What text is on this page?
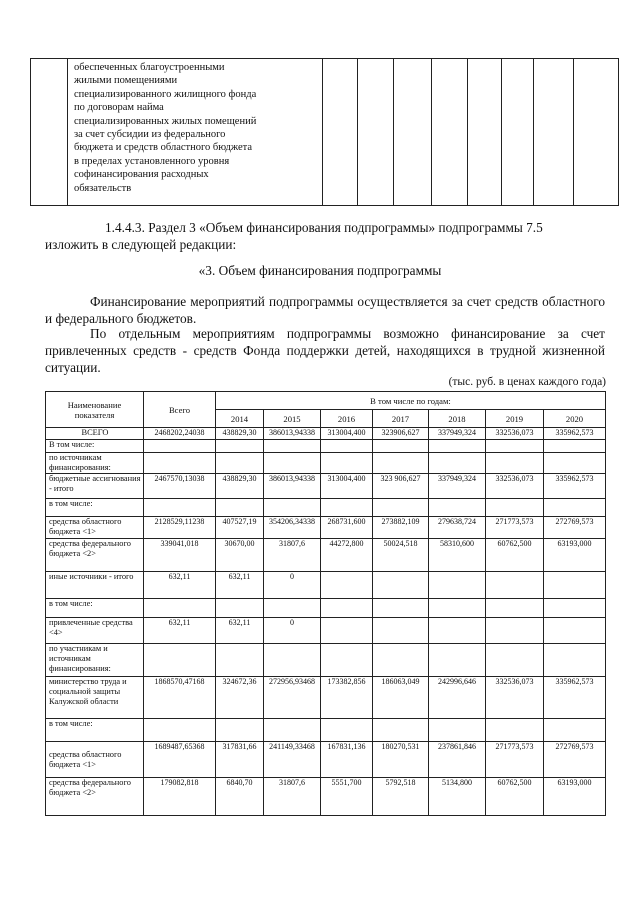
обеспеченных благоустроенными
жилыми помещениями
специализированного жилищного фонда
по договорам найма
специализированных жилых помещений
за счет субсидии из федерального
бюджета и средств областного бюджета
в пределах установленного уровня
софинансирования расходных
обязательств

1.4.4.3. Раздел 3 «Объем финансирования подпрограммы» подпрограммы 7.5
изложить в следующей редакции:
«3. Объем финансирования подпрограммы
Финансирование мероприятий подпрограммы осуществляется за счет средств областного и федерального бюджетов.
По отдельным мероприятиям подпрограммы возможно финансирование за счет привлеченных средств - средств Фонда поддержки детей, находящихся в трудной жизненной ситуации.
(тыс. руб. в ценах каждого года)
Наименование показателя	Всего	В том числе по годам:						
		2014	2015	2016	2017	2018	2019	2020
ВСЕГО	2468202,24038	438829,30	386013,94338	313004,400	323906,627	337949,324	332536,073	335962,573
В том числе:								
по источникам финансирования:								
бюджетные ассигнования - итого	2467570,13038	438829,30	386013,94338	313004,400	323 906,627	337949,324	332536,073	335962,573
в том числе:								
средства областного бюджета <1>	2128529,11238	407527,19	354206,34338	268731,600	273882,109	279638,724	271773,573	272769,573
средства федерального бюджета <2>	339041,018	30670,00	31807,6	44272,800	50024,518	58310,600	60762,500	63193,000
иные источники - итого	632,11	632,11	0					
в том числе:								
привлеченные средства <4>	632,11	632,11	0					
по участникам и источникам финансирования:								
министерство труда и социальной защиты Калужской области	1868570,47168	324672,36	272956,93468	173382,856	186063,049	242996,646	332536,073	335962,573
в том числе:								
средства областного бюджета <1>	1689487,65368	317831,66	241149,33468	167831,136	180270,531	237861,846	271773,573	272769,573
средства федерального бюджета <2>	179082,818	6840,70	31807,6	5551,700	5792,518	5134,800	60762,500	63193,000
